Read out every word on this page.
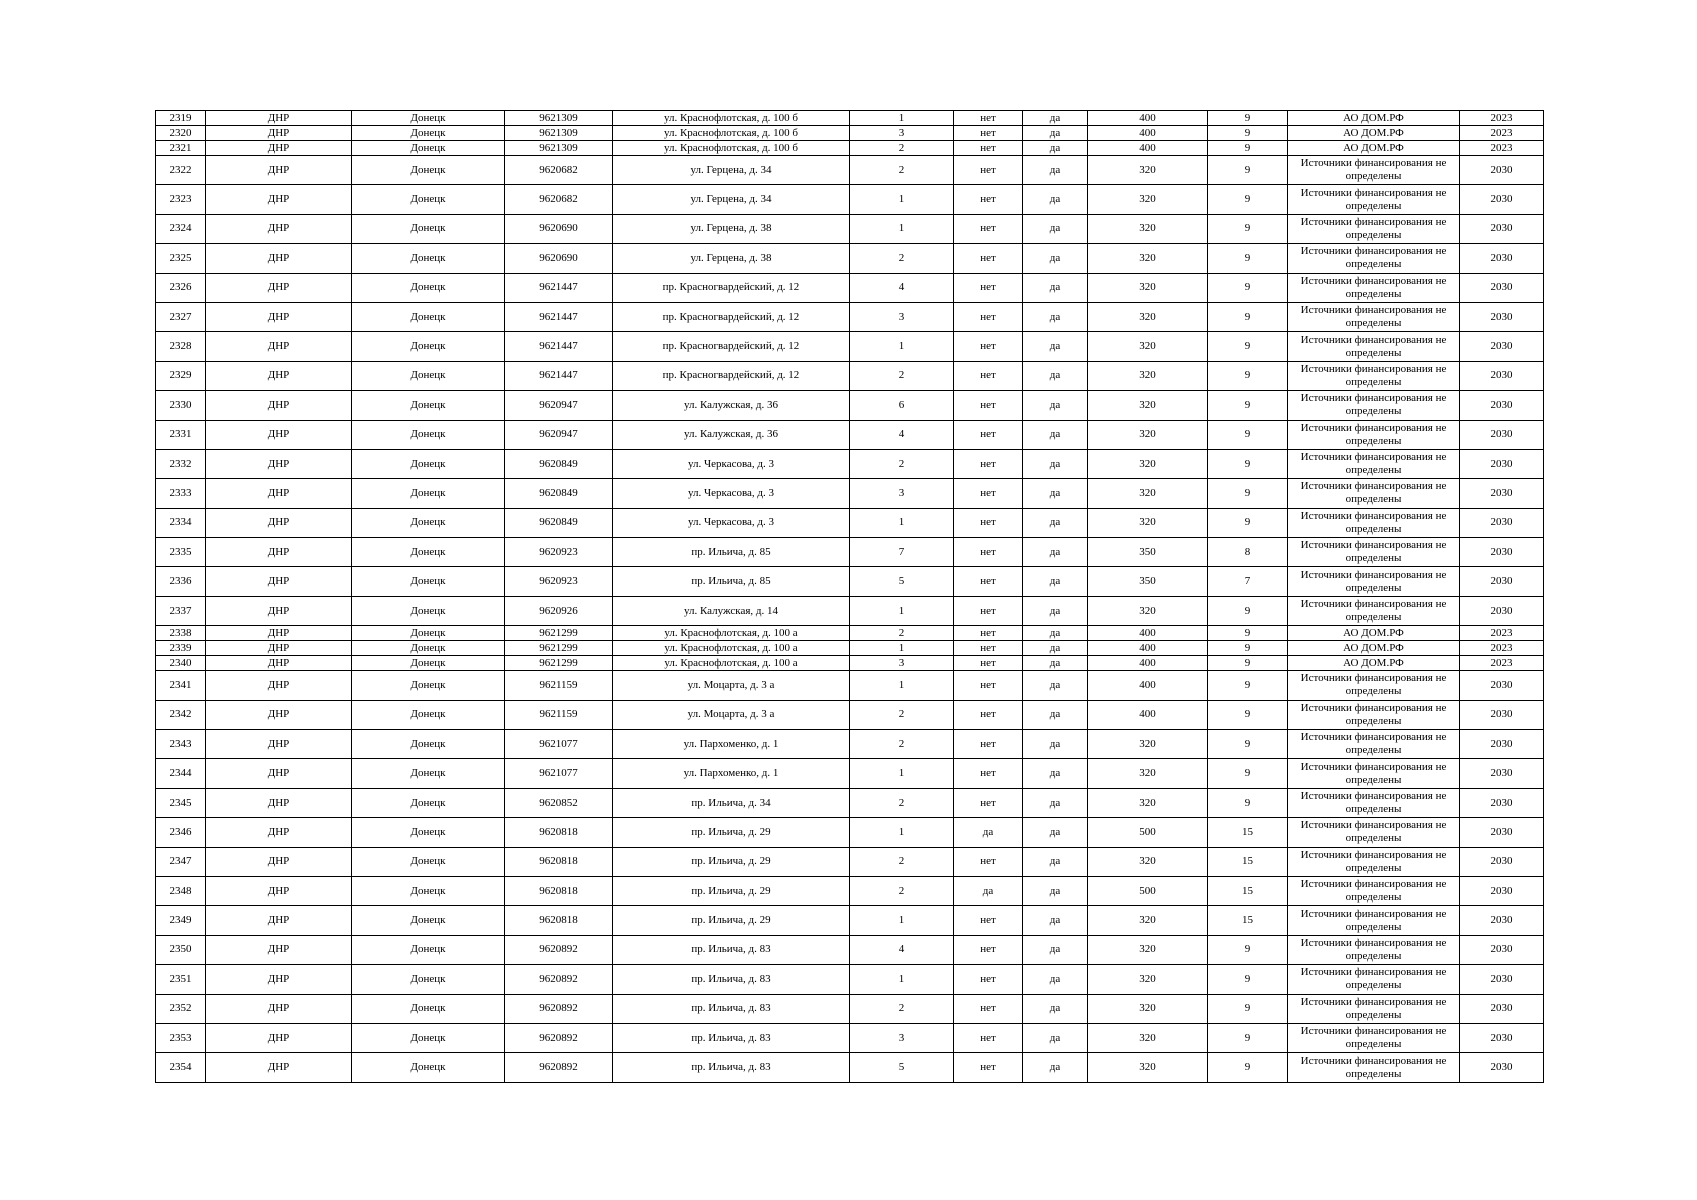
2319	ДНР	Донецк	9621309	ул. Краснофлотская, д. 100 б	1	нет	да	400	9	АО ДОМ.РФ	2023
2320	ДНР	Донецк	9621309	ул. Краснофлотская, д. 100 б	3	нет	да	400	9	АО ДОМ.РФ	2023
2321	ДНР	Донецк	9621309	ул. Краснофлотская, д. 100 б	2	нет	да	400	9	АО ДОМ.РФ	2023
2322	ДНР	Донецк	9620682	ул. Герцена, д. 34	2	нет	да	320	9	Источники финансирования не определены	2030
2323	ДНР	Донецк	9620682	ул. Герцена, д. 34	1	нет	да	320	9	Источники финансирования не определены	2030
2324	ДНР	Донецк	9620690	ул. Герцена, д. 38	1	нет	да	320	9	Источники финансирования не определены	2030
2325	ДНР	Донецк	9620690	ул. Герцена, д. 38	2	нет	да	320	9	Источники финансирования не определены	2030
2326	ДНР	Донецк	9621447	пр. Красногвардейский, д. 12	4	нет	да	320	9	Источники финансирования не определены	2030
2327	ДНР	Донецк	9621447	пр. Красногвардейский, д. 12	3	нет	да	320	9	Источники финансирования не определены	2030
2328	ДНР	Донецк	9621447	пр. Красногвардейский, д. 12	1	нет	да	320	9	Источники финансирования не определены	2030
2329	ДНР	Донецк	9621447	пр. Красногвардейский, д. 12	2	нет	да	320	9	Источники финансирования не определены	2030
2330	ДНР	Донецк	9620947	ул. Калужская, д. 36	6	нет	да	320	9	Источники финансирования не определены	2030
2331	ДНР	Донецк	9620947	ул. Калужская, д. 36	4	нет	да	320	9	Источники финансирования не определены	2030
2332	ДНР	Донецк	9620849	ул. Черкасова, д. 3	2	нет	да	320	9	Источники финансирования не определены	2030
2333	ДНР	Донецк	9620849	ул. Черкасова, д. 3	3	нет	да	320	9	Источники финансирования не определены	2030
2334	ДНР	Донецк	9620849	ул. Черкасова, д. 3	1	нет	да	320	9	Источники финансирования не определены	2030
2335	ДНР	Донецк	9620923	пр. Ильича, д. 85	7	нет	да	350	8	Источники финансирования не определены	2030
2336	ДНР	Донецк	9620923	пр. Ильича, д. 85	5	нет	да	350	7	Источники финансирования не определены	2030
2337	ДНР	Донецк	9620926	ул. Калужская, д. 14	1	нет	да	320	9	Источники финансирования не определены	2030
2338	ДНР	Донецк	9621299	ул. Краснофлотская, д. 100 а	2	нет	да	400	9	АО ДОМ.РФ	2023
2339	ДНР	Донецк	9621299	ул. Краснофлотская, д. 100 а	1	нет	да	400	9	АО ДОМ.РФ	2023
2340	ДНР	Донецк	9621299	ул. Краснофлотская, д. 100 а	3	нет	да	400	9	АО ДОМ.РФ	2023
2341	ДНР	Донецк	9621159	ул. Моцарта, д. 3 а	1	нет	да	400	9	Источники финансирования не определены	2030
2342	ДНР	Донецк	9621159	ул. Моцарта, д. 3 а	2	нет	да	400	9	Источники финансирования не определены	2030
2343	ДНР	Донецк	9621077	ул. Пархоменко, д. 1	2	нет	да	320	9	Источники финансирования не определены	2030
2344	ДНР	Донецк	9621077	ул. Пархоменко, д. 1	1	нет	да	320	9	Источники финансирования не определены	2030
2345	ДНР	Донецк	9620852	пр. Ильича, д. 34	2	нет	да	320	9	Источники финансирования не определены	2030
2346	ДНР	Донецк	9620818	пр. Ильича, д. 29	1	да	да	500	15	Источники финансирования не определены	2030
2347	ДНР	Донецк	9620818	пр. Ильича, д. 29	2	нет	да	320	15	Источники финансирования не определены	2030
2348	ДНР	Донецк	9620818	пр. Ильича, д. 29	2	да	да	500	15	Источники финансирования не определены	2030
2349	ДНР	Донецк	9620818	пр. Ильича, д. 29	1	нет	да	320	15	Источники финансирования не определены	2030
2350	ДНР	Донецк	9620892	пр. Ильича, д. 83	4	нет	да	320	9	Источники финансирования не определены	2030
2351	ДНР	Донецк	9620892	пр. Ильича, д. 83	1	нет	да	320	9	Источники финансирования не определены	2030
2352	ДНР	Донецк	9620892	пр. Ильича, д. 83	2	нет	да	320	9	Источники финансирования не определены	2030
2353	ДНР	Донецк	9620892	пр. Ильича, д. 83	3	нет	да	320	9	Источники финансирования не определены	2030
2354	ДНР	Донецк	9620892	пр. Ильича, д. 83	5	нет	да	320	9	Источники финансирования не определены	2030
